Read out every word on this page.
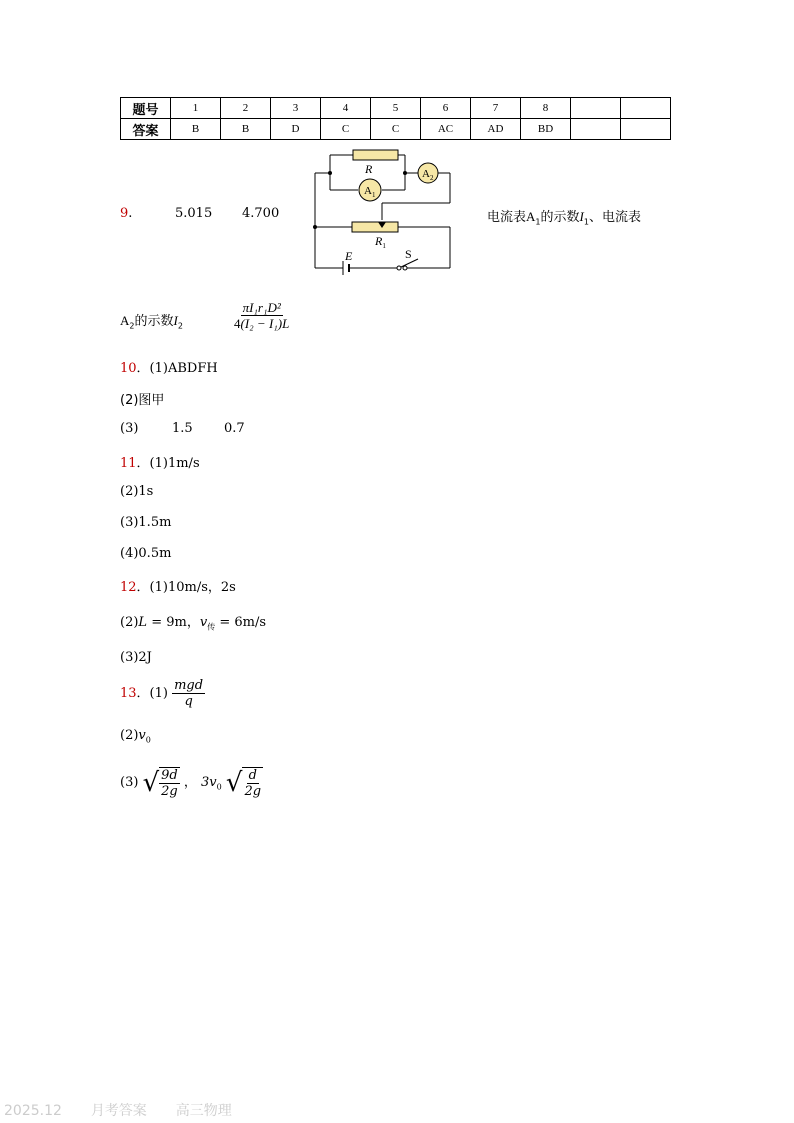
题号	1	2	3	4	5	6	7	8		
答案	B	B	D	C	C	AC	AD	BD		
9.	5.015 4.700
R
$A_1$
$A_2$
$R_1$
E	S
电流表$A_1$的示数$I_1$、电流表
$A_2$的示数$I_2$	$\frac{\text{πI₁r₁D²}}{\text{4(I₂ − I₁)L}}$
10．(1)ABDFH
(2)图甲
(3)	1.5 0.7
11．(1)1m/s
(2)1s
(3)1.5m
(4)0.5m
12．(1)10m/s，2s
(2)L = 9m，$v_传 = 6m/s$
(3)2J
13．$(1) \frac{\text{mgd}}{q}$
$(2)v_0$
(3) √ $\frac{9d}{2g}$ ， $3v_0$ √ $\frac{d}{2g}$
2025.12 月考答案 高三物理
